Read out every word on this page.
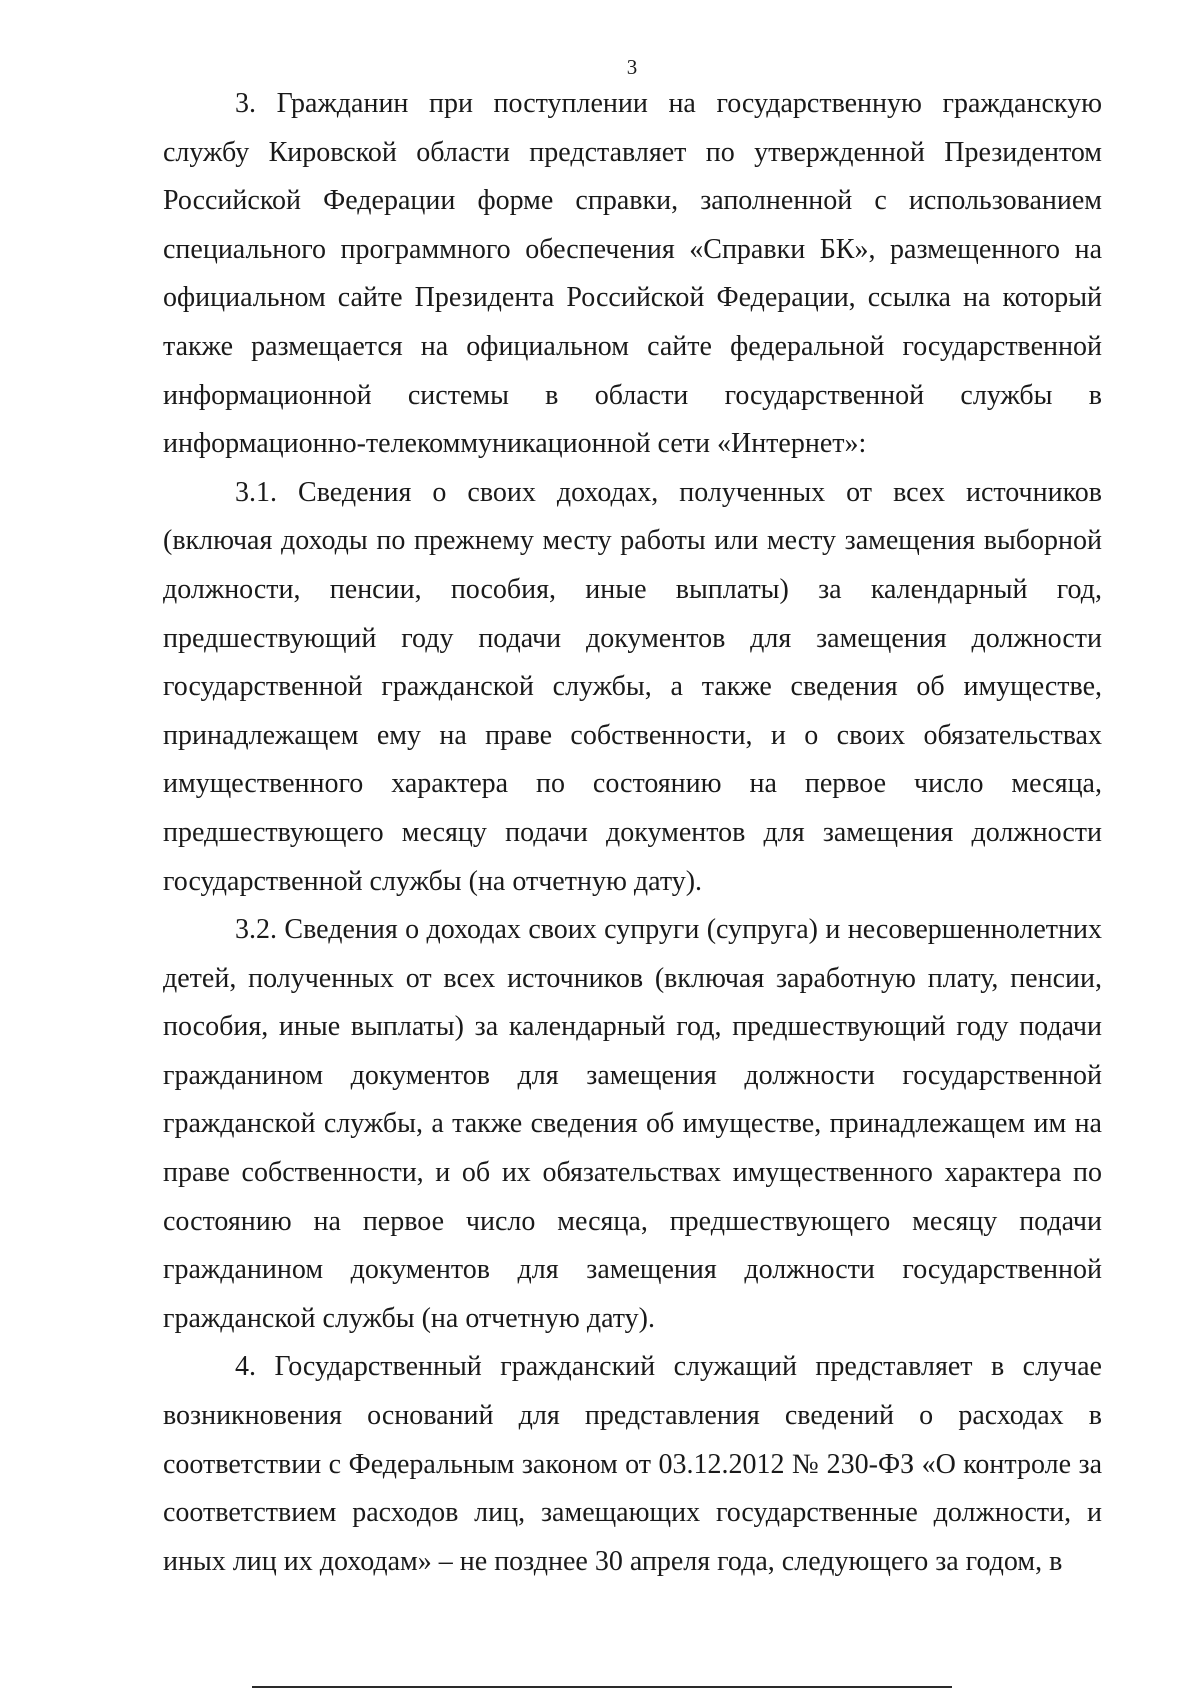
3

3. Гражданин при поступлении на государственную гражданскую службу Кировской области представляет по утвержденной Президентом Российской Федерации форме справки, заполненной с использованием специального программного обеспечения «Справки БК», размещенного на официальном сайте Президента Российской Федерации, ссылка на который также размещается на официальном сайте федеральной государственной информационной системы в области государственной службы в информационно-телекоммуникационной сети «Интернет»:

3.1. Сведения о своих доходах, полученных от всех источников (включая доходы по прежнему месту работы или месту замещения выборной должности, пенсии, пособия, иные выплаты) за календарный год, предшествующий году подачи документов для замещения должности государственной гражданской службы, а также сведения об имуществе, принадлежащем ему на праве собственности, и о своих обязательствах имущественного характера по состоянию на первое число месяца, предшествующего месяцу подачи документов для замещения должности государственной службы (на отчетную дату).

3.2. Сведения о доходах своих супруги (супруга) и несовершеннолетних детей, полученных от всех источников (включая заработную плату, пенсии, пособия, иные выплаты) за календарный год, предшествующий году подачи гражданином документов для замещения должности государственной гражданской службы, а также сведения об имуществе, принадлежащем им на праве собственности, и об их обязательствах имущественного характера по состоянию на первое число месяца, предшествующего месяцу подачи гражданином документов для замещения должности государственной гражданской службы (на отчетную дату).

4. Государственный гражданский служащий представляет в случае возникновения оснований для представления сведений о расходах в соответствии с Федеральным законом от 03.12.2012 № 230-ФЗ «О контроле за соответствием расходов лиц, замещающих государственные должности, и иных лиц их доходам» – не позднее 30 апреля года, следующего за годом, в
